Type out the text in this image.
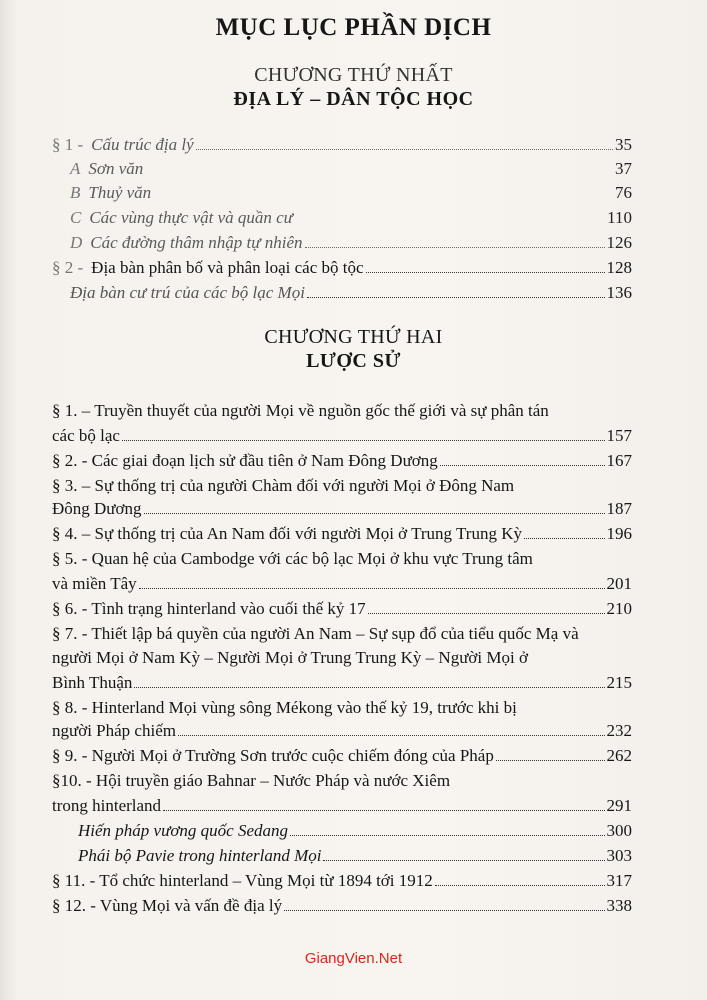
MỤC LỤC PHẦN DỊCH
CHƯƠNG THỨ NHẤT
ĐỊA LÝ – DÂN TỘC HỌC
§ 1 - Cấu trúc địa lý	35
A Sơn văn	37
B Thuỷ văn	76
C Các vùng thực vật và quần cư	110
D Các đường thâm nhập tự nhiên	126
§ 2 - Địa bàn phân bố và phân loại các bộ tộc	128
Địa bàn cư trú của các bộ lạc Mọi	136
CHƯƠNG THỨ HAI
LƯỢC SỬ
§ 1. – Truyền thuyết của người Mọi về nguồn gốc thế giới và sự phân tán
các bộ lạc	157
§ 2. - Các giai đoạn lịch sử đầu tiên ở Nam Đông Dương	167
§ 3. – Sự thống trị của người Chàm đối với người Mọi ở Đông Nam
Đông Dương	187
§ 4. – Sự thống trị của An Nam đối với người Mọi ở Trung Trung Kỳ	196
§ 5. - Quan hệ của Cambodge với các bộ lạc Mọi ở khu vực Trung tâm
và miền Tây	201
§ 6. - Tình trạng hinterland vào cuối thế kỷ 17	210
§ 7. - Thiết lập bá quyền của người An Nam – Sự sụp đổ của tiểu quốc Mạ và
người Mọi ở Nam Kỳ – Người Mọi ở Trung Trung Kỳ – Người Mọi ở
Bình Thuận	215
§ 8. - Hinterland Mọi vùng sông Mékong vào thế kỷ 19, trước khi bị
người Pháp chiếm	232
§ 9. - Người Mọi ở Trường Sơn trước cuộc chiếm đóng của Pháp	262
§10. - Hội truyền giáo Bahnar – Nước Pháp và nước Xiêm
trong hinterland	291
Hiến pháp vương quốc Sedang	300
Phái bộ Pavie trong hinterland Mọi	303
§ 11. - Tổ chức hinterland – Vùng Mọi từ 1894 tới 1912	317
§ 12. - Vùng Mọi và vấn đề địa lý	338
GiangVien.Net
